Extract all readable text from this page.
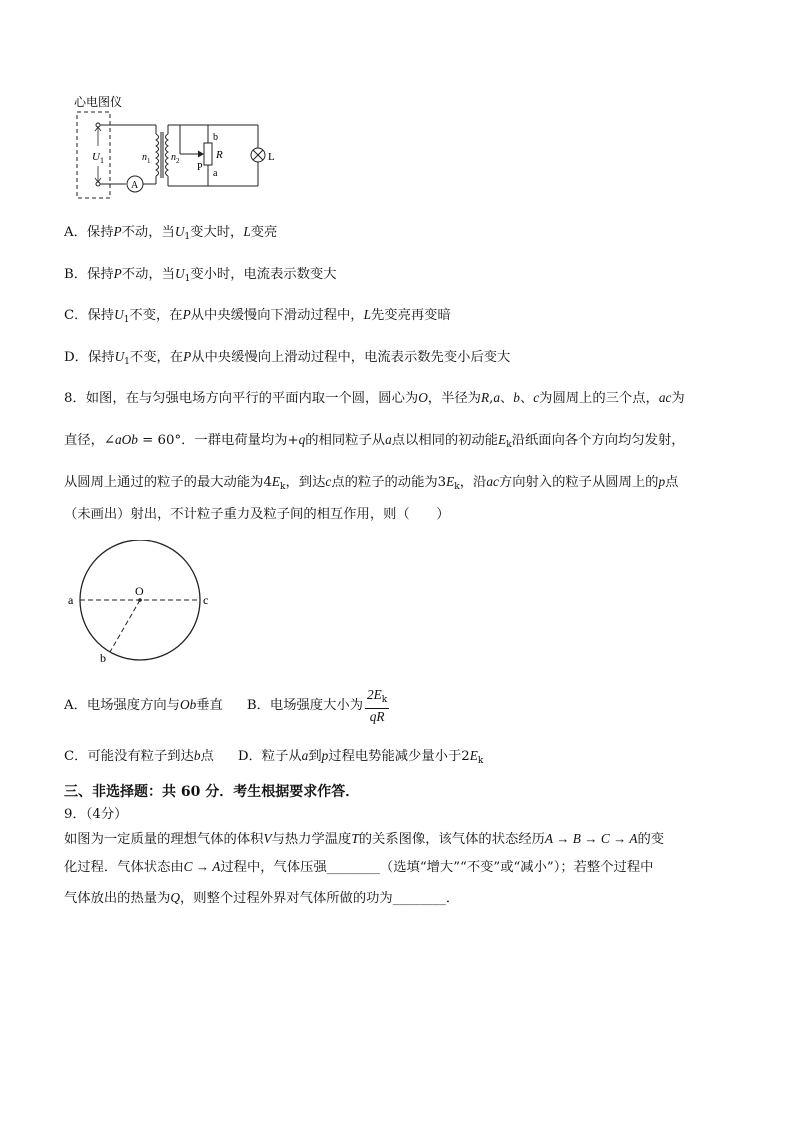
心电图仪
$U_1$
A
$n_1$ $n_2$
b
a
R
P
L
A．保持P不动，当$U_1$变大时，L变亮
B．保持P不动，当$U_1$变小时，电流表示数变大
C．保持$U_1$不变，在P从中央缓慢向下滑动过程中，L先变亮再变暗
D．保持$U_1$不变，在P从中央缓慢向上滑动过程中，电流表示数先变小后变大
8．如图，在与匀强电场方向平行的平面内取一个圆，圆心为O，半径为R,a、b、c为圆周上的三个点，ac为
直径，∠aOb = 60°．一群电荷量均为+q的相同粒子从a点以相同的初动能$E_k$沿纸面向各个方向均匀发射，
从圆周上通过的粒子的最大动能为$4E_k$，到达c点的粒子的动能为$3E_k$，沿ac方向射入的粒子从圆周上的p点
（未画出）射出，不计粒子重力及粒子间的相互作用，则（　　）
O
a	c
b
A．电场强度方向与Ob垂直 B．电场强度大小为 $\frac{2E_k}{qR}$
C．可能没有粒子到达b点 D．粒子从a到p过程电势能减少量小于$2E_k$
三、非选择题：共 60 分．考生根据要求作答．
9．（4分）
如图为一定质量的理想气体的体积V与热力学温度T的关系图像，该气体的状态经历A → B → C → A的变
化过程．气体状态由C → A过程中，气体压强________（选填“增大”“不变”或“减小”）；若整个过程中
气体放出的热量为Q，则整个过程外界对气体所做的功为________．
